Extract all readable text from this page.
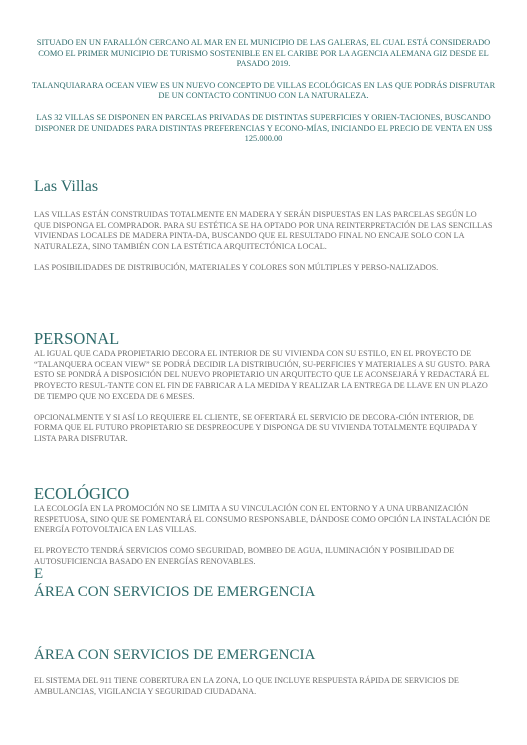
SITUADO EN UN FARALLÓN CERCANO AL MAR EN EL MUNICIPIO DE LAS GALERAS, EL CUAL ESTÁ CONSIDERADO COMO EL PRIMER MUNICIPIO DE TURISMO SOSTENIBLE EN EL CARIBE POR LA AGENCIA ALEMANA GIZ DESDE EL PASADO 2019.

TALANQUIARARA OCEAN VIEW ES UN NUEVO CONCEPTO DE VILLAS ECOLÓGICAS EN LAS QUE PODRÁS DISFRUTAR DE UN CONTACTO CONTINUO CON LA NATURALEZA.

LAS 32 VILLAS SE DISPONEN EN PARCELAS PRIVADAS DE DISTINTAS SUPERFICIES Y ORIEN-TACIONES, BUSCANDO DISPONER DE UNIDADES PARA DISTINTAS PREFERENCIAS Y ECONO-MÍAS, INICIANDO EL PRECIO DE VENTA EN US$ 125.000.00

Las Villas

LAS VILLAS ESTÁN CONSTRUIDAS TOTALMENTE EN MADERA Y SERÁN DISPUESTAS EN LAS PARCELAS SEGÚN LO QUE DISPONGA EL COMPRADOR. PARA SU ESTÉTICA SE HA OPTADO POR UNA REINTERPRETACIÓN DE LAS SENCILLAS VIVIENDAS LOCALES DE MADERA PINTA-DA, BUSCANDO QUE EL RESULTADO FINAL NO ENCAJE SOLO CON LA NATURALEZA, SINO TAMBIÉN CON LA ESTÉTICA ARQUITECTÓNICA LOCAL.

LAS POSIBILIDADES DE DISTRIBUCIÓN, MATERIALES Y COLORES SON MÚLTIPLES Y PERSO-NALIZADOS.

PERSONAL

AL IGUAL QUE CADA PROPIETARIO DECORA EL INTERIOR DE SU VIVIENDA CON SU ESTILO, EN EL PROYECTO DE “TALANQUERA OCEAN VIEW” SE PODRÁ DECIDIR LA DISTRIBUCIÓN, SU-PERFICIES Y MATERIALES A SU GUSTO. PARA ESTO SE PONDRÁ A DISPOSICIÓN DEL NUEVO PROPIETARIO UN ARQUITECTO QUE LE ACONSEJARÁ Y REDACTARÁ EL PROYECTO RESUL-TANTE CON EL FIN DE FABRICAR A LA MEDIDA Y REALIZAR LA ENTREGA DE LLAVE EN UN PLAZO DE TIEMPO QUE NO EXCEDA DE 6 MESES.

OPCIONALMENTE Y SI ASÍ LO REQUIERE EL CLIENTE, SE OFERTARÁ EL SERVICIO DE DECORA-CIÓN INTERIOR, DE FORMA QUE EL FUTURO PROPIETARIO SE DESPREOCUPE Y DISPONGA DE SU VIVIENDA TOTALMENTE EQUIPADA Y LISTA PARA DISFRUTAR.

ECOLÓGICO

LA ECOLOGÍA EN LA PROMOCIÓN NO SE LIMITA A SU VINCULACIÓN CON EL ENTORNO Y A UNA URBANIZACIÓN RESPETUOSA, SINO QUE SE FOMENTARÁ EL CONSUMO RESPONSABLE, DÁNDOSE COMO OPCIÓN LA INSTALACIÓN DE ENERGÍA FOTOVOLTAICA EN LAS VILLAS.

EL PROYECTO TENDRÁ SERVICIOS COMO SEGURIDAD, BOMBEO DE AGUA, ILUMINACIÓN Y POSIBILIDAD DE AUTOSUFICIENCIA BASADO EN ENERGÍAS RENOVABLES.

E
ÁREA CON SERVICIOS DE EMERGENCIA
ÁREA CON SERVICIOS DE EMERGENCIA

EL SISTEMA DEL 911 TIENE COBERTURA EN LA ZONA, LO QUE INCLUYE RESPUESTA RÁPIDA DE SERVICIOS DE AMBULANCIAS, VIGILANCIA Y SEGURIDAD CIUDADANA.
